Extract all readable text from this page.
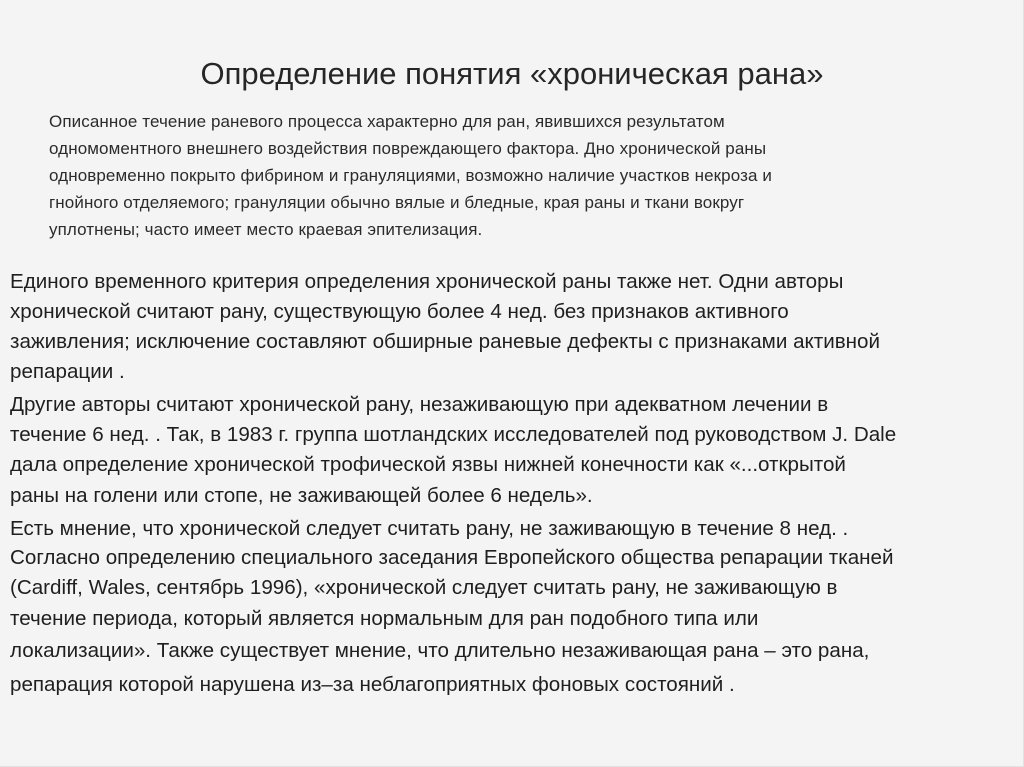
Определение понятия «хроническая рана»
Описанное течение раневого процесса характерно для ран, явившихся результатом
одномоментного внешнего воздействия повреждающего фактора. Дно хронической раны
одновременно покрыто фибрином и грануляциями, возможно наличие участков некроза и
гнойного отделяемого; грануляции обычно вялые и бледные, края раны и ткани вокруг
уплотнены; часто имеет место краевая эпителизация.
Единого временного критерия определения хронической раны также нет. Одни авторы
хронической считают рану, существующую более 4 нед. без признаков активного
заживления; исключение составляют обширные раневые дефекты с признаками активной
репарации .
Другие авторы считают хронической рану, незаживающую при адекватном лечении в
течение 6 нед. . Так, в 1983 г. группа шотландских исследователей под руководством J. Dale
дала определение хронической трофической язвы нижней конечности как «...открытой
раны на голени или стопе, не заживающей более 6 недель».
Есть мнение, что хронической следует считать рану, не заживающую в течение 8 нед. .
Согласно определению специального заседания Европейского общества репарации тканей
(Cardiff, Wales, сентябрь 1996), «хронической следует считать рану, не заживающую в
течение периода, который является нормальным для ран подобного типа или
локализации». Также существует мнение, что длительно незаживающая рана – это рана,
репарация которой нарушена из–за неблагоприятных фоновых состояний .
